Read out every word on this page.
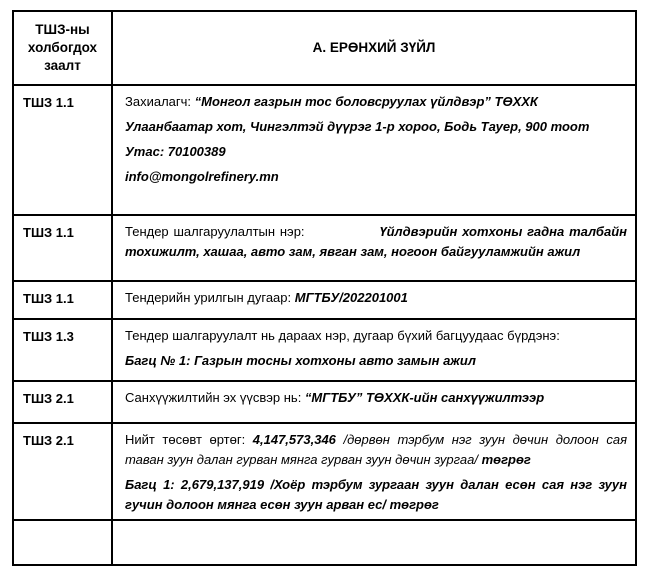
ТШЗ-ны холбогдох заалт	А. ЕРӨНХИЙ ЗҮЙЛ
ТШЗ 1.1	Захиалагч: “Монгол газрын тос боловсруулах үйлдвэр” ТӨХХК

Улаанбаатар хот, Чингэлтэй дүүрэг 1-р хороо, Бодь Тауер, 900 тоот

Утас: 70100389

info@mongolrefinery.mn

ТШЗ 1.1	Тендер шалгаруулалтын нэр: Үйлдвэрийн хотхоны гадна талбайн тохижилт, хашаа, авто зам, явган зам, ногоон байгууламжийн ажил

ТШЗ 1.1	Тендерийн урилгын дугаар: МГТБУ/202201001

ТШЗ 1.3	Тендер шалгаруулалт нь дараах нэр, дугаар бүхий багцуудаас бүрдэнэ:

Багц № 1: Газрын тосны хотхоны авто замын ажил

ТШЗ 2.1	Санхүүжилтийн эх үүсвэр нь: “МГТБУ” ТӨХХК-ийн санхүүжилтээр

ТШЗ 2.1	Нийт төсөвт өртөг: 4,147,573,346 /дөрвөн тэрбум нэг зуун дөчин долоон сая таван зуун далан гурван мянга гурван зуун дөчин зургаа/ төгрөг

Багц 1: 2,679,137,919 /Хоёр тэрбум зургаан зуун далан есөн сая нэг зуун гучин долоон мянга есөн зуун арван ес/ төгрөг
